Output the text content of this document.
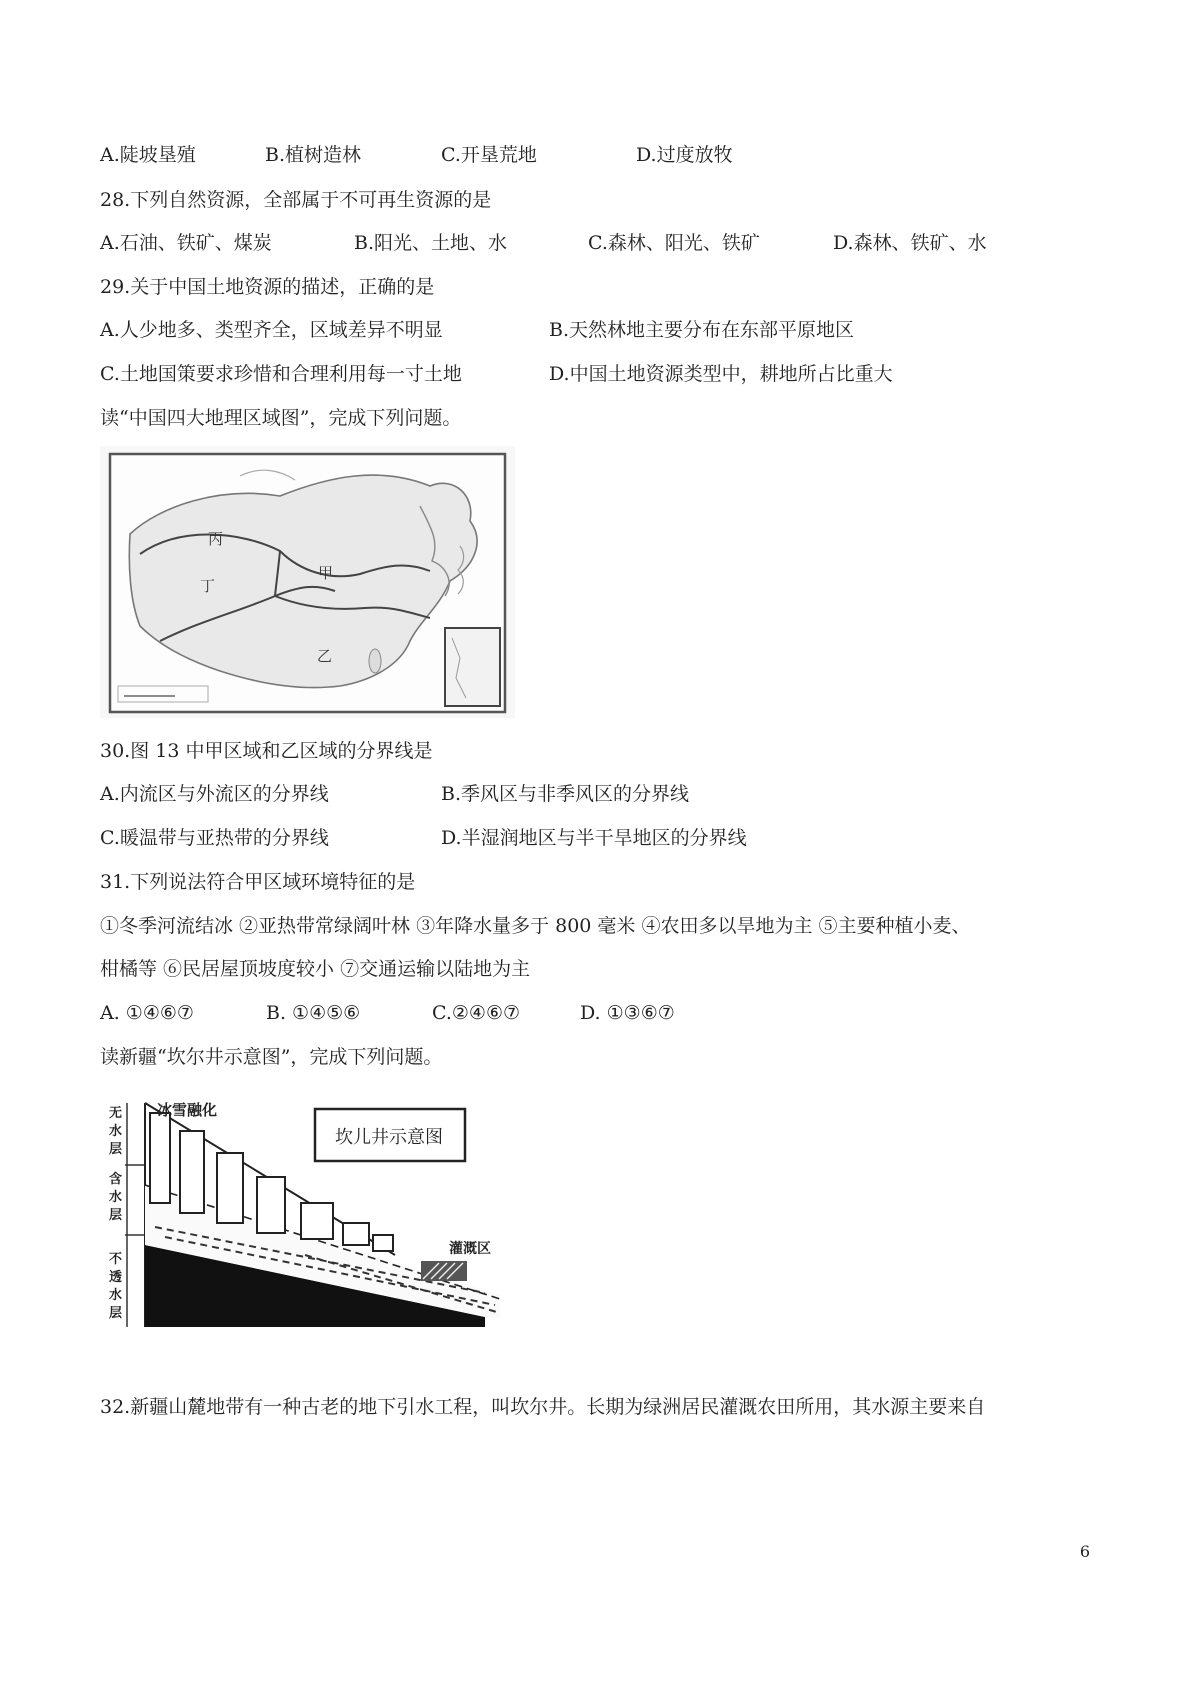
A.陡坡垦殖	B.植树造林	C.开垦荒地	D.过度放牧
28.下列自然资源，全部属于不可再生资源的是
A.石油、铁矿、煤炭	B.阳光、土地、水	C.森林、阳光、铁矿	D.森林、铁矿、水
29.关于中国土地资源的描述，正确的是
A.人少地多、类型齐全，区域差异不明显	B.天然林地主要分布在东部平原地区
C.土地国策要求珍惜和合理利用每一寸土地	D.中国土地资源类型中，耕地所占比重大
读“中国四大地理区域图”，完成下列问题。
丙
甲
丁
乙
30.图 13 中甲区域和乙区域的分界线是
A.内流区与外流区的分界线	B.季风区与非季风区的分界线
C.暖温带与亚热带的分界线	D.半湿润地区与半干旱地区的分界线
31.下列说法符合甲区域环境特征的是
①冬季河流结冰 ②亚热带常绿阔叶林 ③年降水量多于 800 毫米 ④农田多以旱地为主 ⑤主要种植小麦、
柑橘等 ⑥民居屋顶坡度较小 ⑦交通运输以陆地为主
A. ①④⑥⑦	B. ①④⑤⑥	C.②④⑥⑦	D. ①③⑥⑦
读新疆“坎尔井示意图”，完成下列问题。
无
水
层
含
水
层
不
透
水
层
冰雪融化
灌溉区
坎儿井示意图
32.新疆山麓地带有一种古老的地下引水工程，叫坎尔井。长期为绿洲居民灌溉农田所用，其水源主要来自
6
